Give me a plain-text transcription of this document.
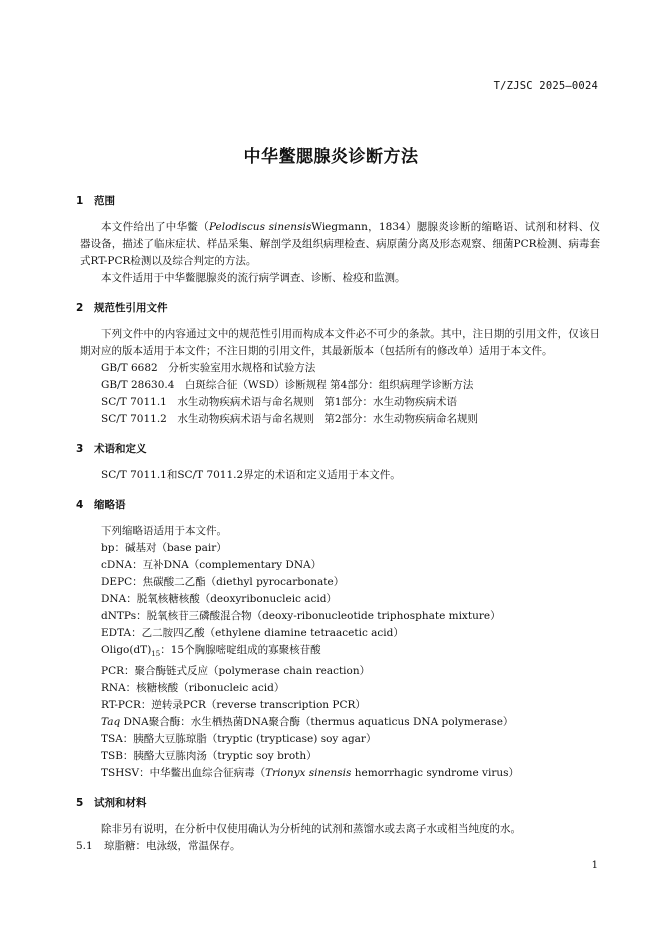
T/ZJSC 2025—0024
中华鳖腮腺炎诊断方法
1 范围

本文件给出了中华鳖（Pelodiscus sinensisWiegmann，1834）腮腺炎诊断的缩略语、试剂和材料、仪器设备，描述了临床症状、样品采集、解剖学及组织病理检查、病原菌分离及形态观察、细菌PCR检测、病毒套式RT-PCR检测以及综合判定的方法。

本文件适用于中华鳖腮腺炎的流行病学调查、诊断、检疫和监测。

2 规范性引用文件

下列文件中的内容通过文中的规范性引用而构成本文件必不可少的条款。其中，注日期的引用文件，仅该日期对应的版本适用于本文件；不注日期的引用文件，其最新版本（包括所有的修改单）适用于本文件。

GB/T 6682　分析实验室用水规格和试验方法
GB/T 28630.4　白斑综合征（WSD）诊断规程 第4部分：组织病理学诊断方法
SC/T 7011.1　水生动物疾病术语与命名规则　第1部分：水生动物疾病术语
SC/T 7011.2　水生动物疾病术语与命名规则　第2部分：水生动物疾病命名规则
3 术语和定义

SC/T 7011.1和SC/T 7011.2界定的术语和定义适用于本文件。

4 缩略语
下列缩略语适用于本文件。
bp：碱基对（base pair）
cDNA：互补DNA（complementary DNA）
DEPC：焦碳酸二乙酯（diethyl pyrocarbonate）
DNA：脱氧核糖核酸（deoxyribonucleic acid）
dNTPs：脱氧核苷三磷酸混合物（deoxy-ribonucleotide triphosphate mixture）
EDTA：乙二胺四乙酸（ethylene diamine tetraacetic acid）
$Oligo(dT)_{15}$：15个胸腺嘧啶组成的寡聚核苷酸
PCR：聚合酶链式反应（polymerase chain reaction）
RNA：核糖核酸（ribonucleic acid）
RT-PCR：逆转录PCR（reverse transcription PCR）
Taq DNA聚合酶：水生栖热菌DNA聚合酶（thermus aquaticus DNA polymerase）
TSA：胰酪大豆胨琼脂（tryptic (trypticase) soy agar）
TSB：胰酪大豆胨肉汤（tryptic soy broth）
TSHSV：中华鳖出血综合征病毒（Trionyx sinensis hemorrhagic syndrome virus）
5 试剂和材料

除非另有说明，在分析中仅使用确认为分析纯的试剂和蒸馏水或去离子水或相当纯度的水。

5.1 琼脂糖：电泳级，常温保存。
1
